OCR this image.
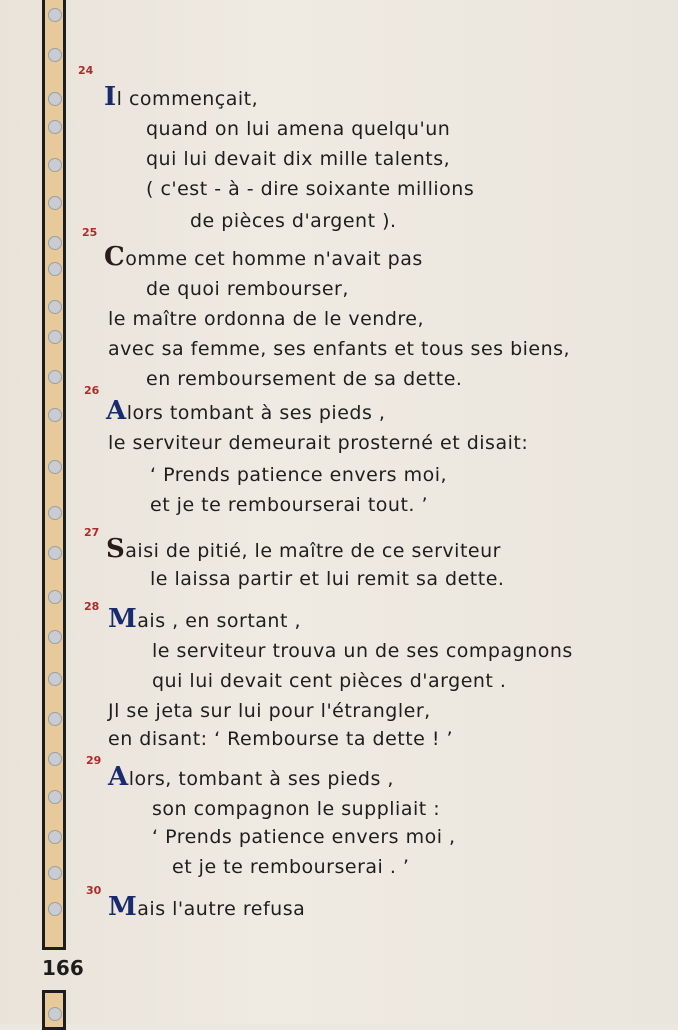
166
24
Il commençait,
quand on lui amena quelqu'un
qui lui devait dix mille talents,
( c'est - à - dire soixante millions
de pièces d'argent ).
25
Comme cet homme n'avait pas
de quoi rembourser,
le maître ordonna de le vendre,
avec sa femme, ses enfants et tous ses biens,
en remboursement de sa dette.
26
Alors tombant à ses pieds ,
le serviteur demeurait prosterné et disait:
‘ Prends patience envers moi,
et je te rembourserai tout. ’
27
Saisi de pitié, le maître de ce serviteur
le laissa partir et lui remit sa dette.
28 Mais , en sortant ,
le serviteur trouva un de ses compagnons
qui lui devait cent pièces d'argent .
Jl se jeta sur lui pour l'étrangler,
en disant: ‘ Rembourse ta dette ! ’
29
Alors, tombant à ses pieds ,
son compagnon le suppliait :
‘ Prends patience envers moi ,
et je te rembourserai . ’
30
Mais l'autre refusa
